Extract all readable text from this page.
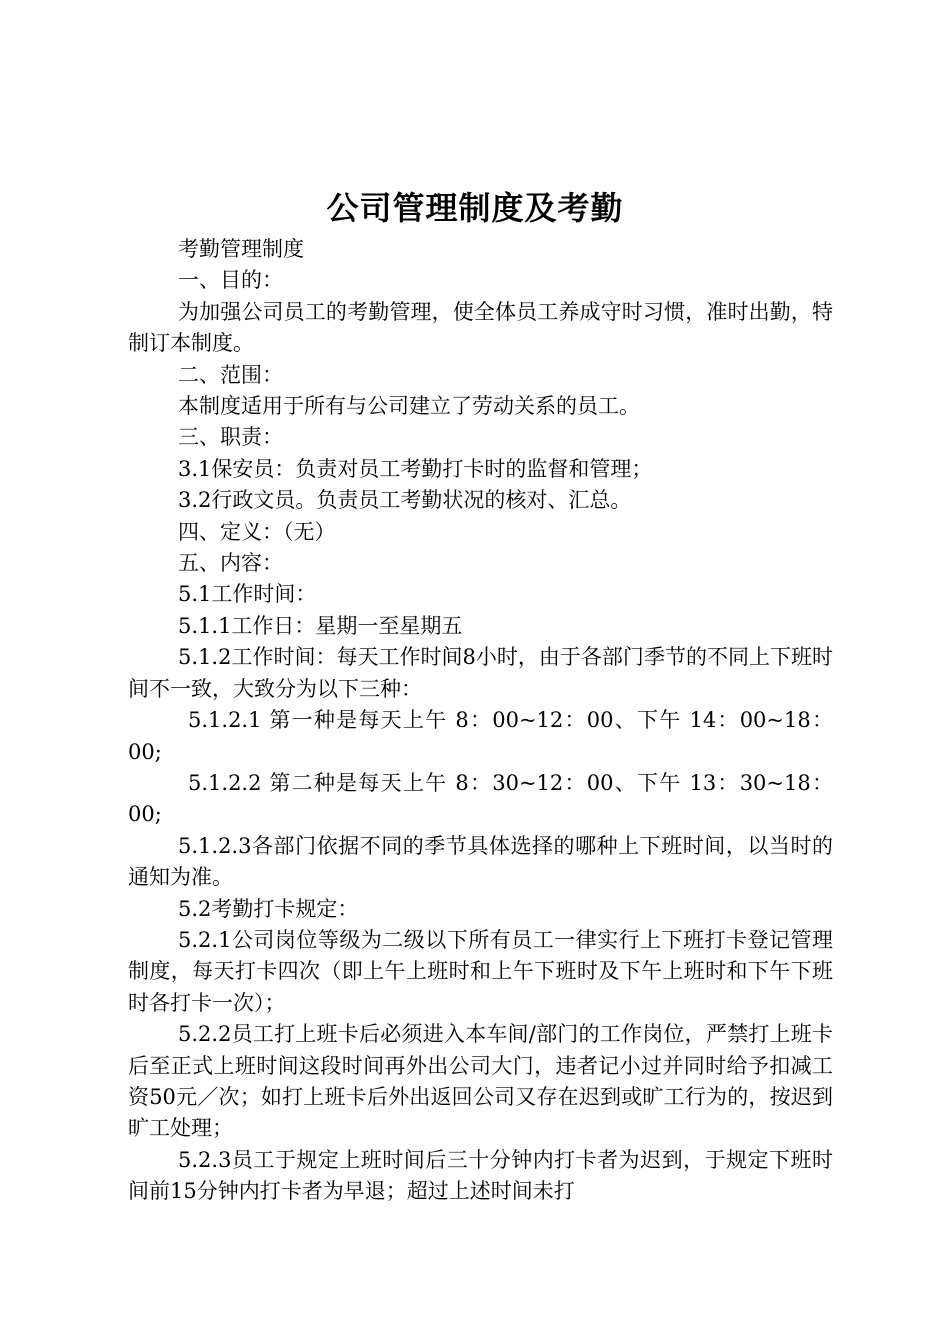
公司管理制度及考勤

考勤管理制度

一、目的：

为加强公司员工的考勤管理，使全体员工养成守时习惯，准时出勤，特制订本制度。

二、范围：

本制度适用于所有与公司建立了劳动关系的员工。

三、职责：

3.1保安员：负责对员工考勤打卡时的监督和管理；

3.2行政文员。负责员工考勤状况的核对、汇总。

四、定义：（无）

五、内容：

5.1工作时间：

5.1.1工作日：星期一至星期五

5.1.2工作时间：每天工作时间8小时，由于各部门季节的不同上下班时间不一致，大致分为以下三种：

5.1.2.1 第一种是每天上午 8：00~12：00、下午 14：00~18：00;

5.1.2.2 第二种是每天上午 8：30~12：00、下午 13：30~18：00;

5.1.2.3各部门依据不同的季节具体选择的哪种上下班时间，以当时的通知为准。

5.2考勤打卡规定：

5.2.1公司岗位等级为二级以下所有员工一律实行上下班打卡登记管理制度，每天打卡四次（即上午上班时和上午下班时及下午上班时和下午下班时各打卡一次）；

5.2.2员工打上班卡后必须进入本车间/部门的工作岗位，严禁打上班卡后至正式上班时间这段时间再外出公司大门，违者记小过并同时给予扣减工资50元／次；如打上班卡后外出返回公司又存在迟到或旷工行为的，按迟到旷工处理；

5.2.3员工于规定上班时间后三十分钟内打卡者为迟到，于规定下班时间前15分钟内打卡者为早退；超过上述时间未打
